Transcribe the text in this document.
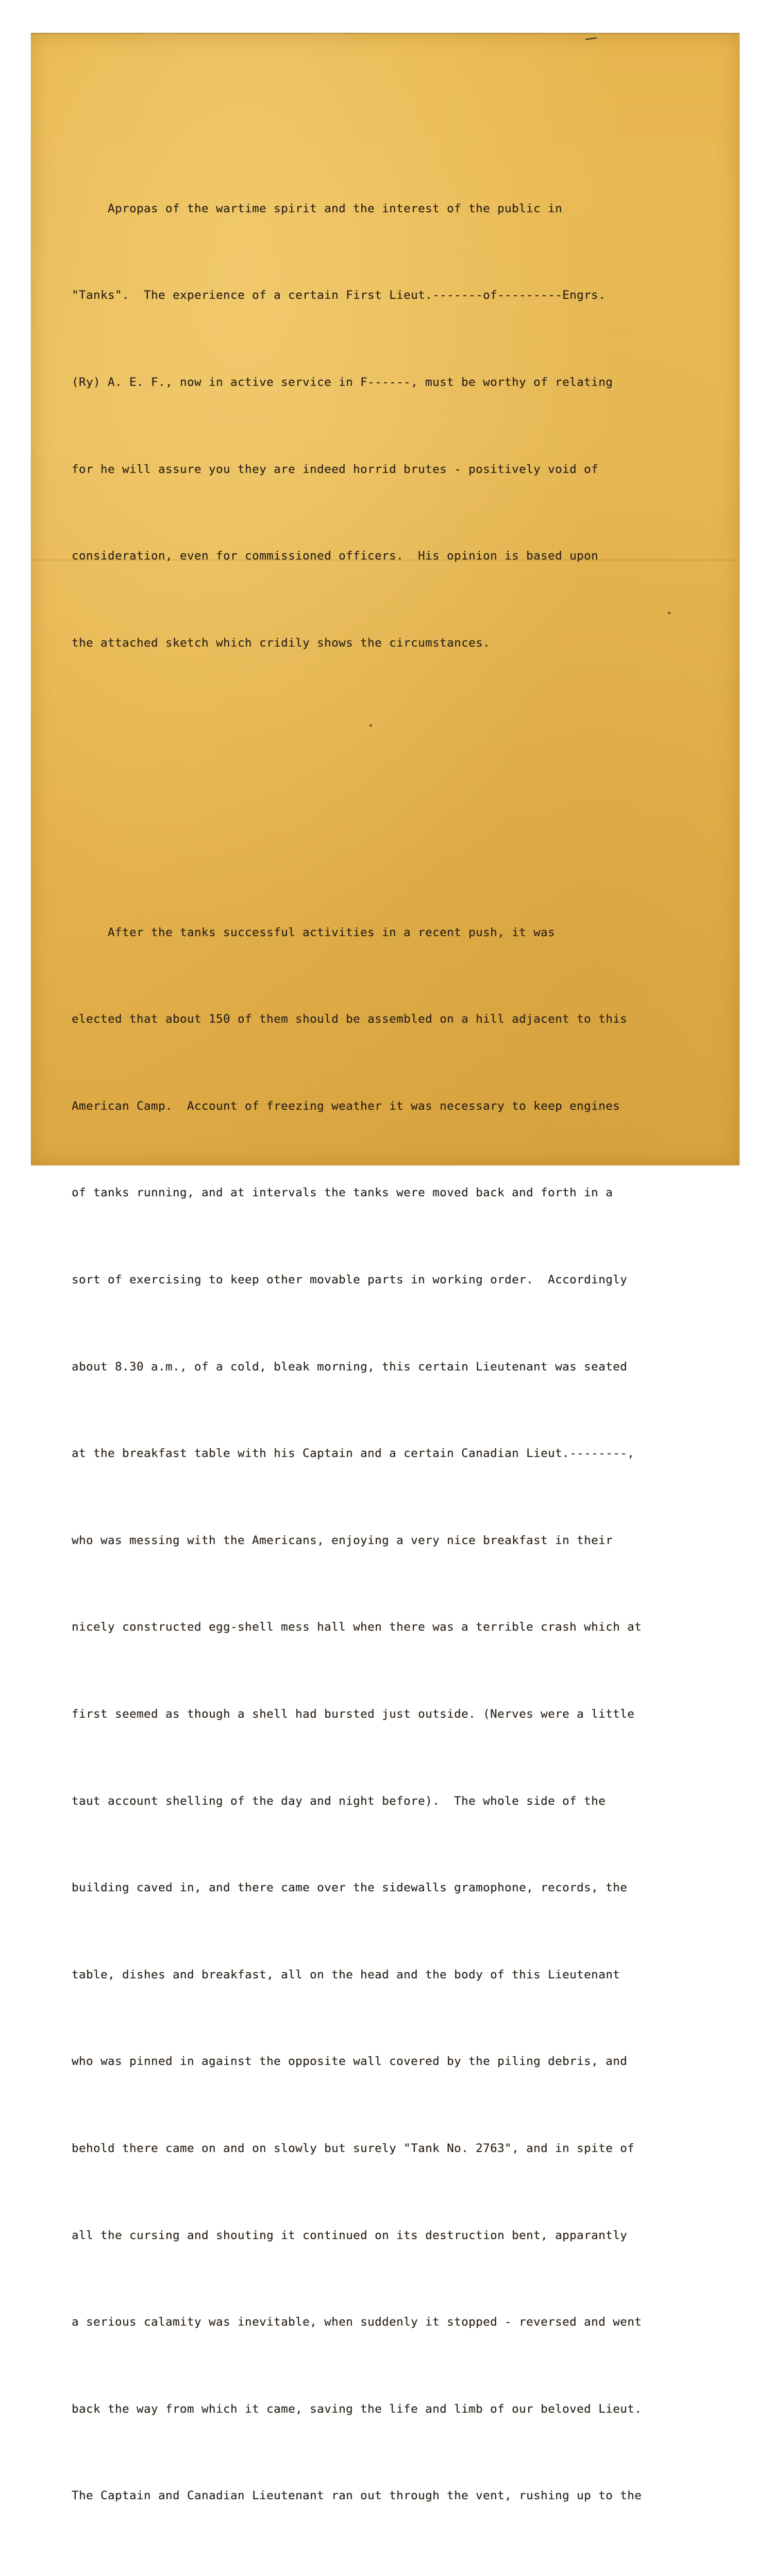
Apropas of the wartime spirit and the interest of the public in

"Tanks".  The experience of a certain First Lieut.-------of---------Engrs.

(Ry) A. E. F., now in active service in F------, must be worthy of relating

for he will assure you they are indeed horrid brutes - positively void of

consideration, even for commissioned officers.  His opinion is based upon

the attached sketch which cridily shows the circumstances.

After the tanks successful activities in a recent push, it was

elected that about 150 of them should be assembled on a hill adjacent to this

American Camp.  Account of freezing weather it was necessary to keep engines

of tanks running, and at intervals the tanks were moved back and forth in a

sort of exercising to keep other movable parts in working order.  Accordingly

about 8.30 a.m., of a cold, bleak morning, this certain Lieutenant was seated

at the breakfast table with his Captain and a certain Canadian Lieut.--------,

who was messing with the Americans, enjoying a very nice breakfast in their

nicely constructed egg-shell mess hall when there was a terrible crash which at

first seemed as though a shell had bursted just outside. (Nerves were a little

taut account shelling of the day and night before).  The whole side of the

building caved in, and there came over the sidewalls gramophone, records, the

table, dishes and breakfast, all on the head and the body of this Lieutenant

who was pinned in against the opposite wall covered by the piling debris, and

behold there came on and on slowly but surely "Tank No. 2763", and in spite of

all the cursing and shouting it continued on its destruction bent, apparantly

a serious calamity was inevitable, when suddenly it stopped - reversed and went

back the way from which it came, saving the life and limb of our beloved Lieut.

The Captain and Canadian Lieutenant ran out through the vent, rushing up to the
